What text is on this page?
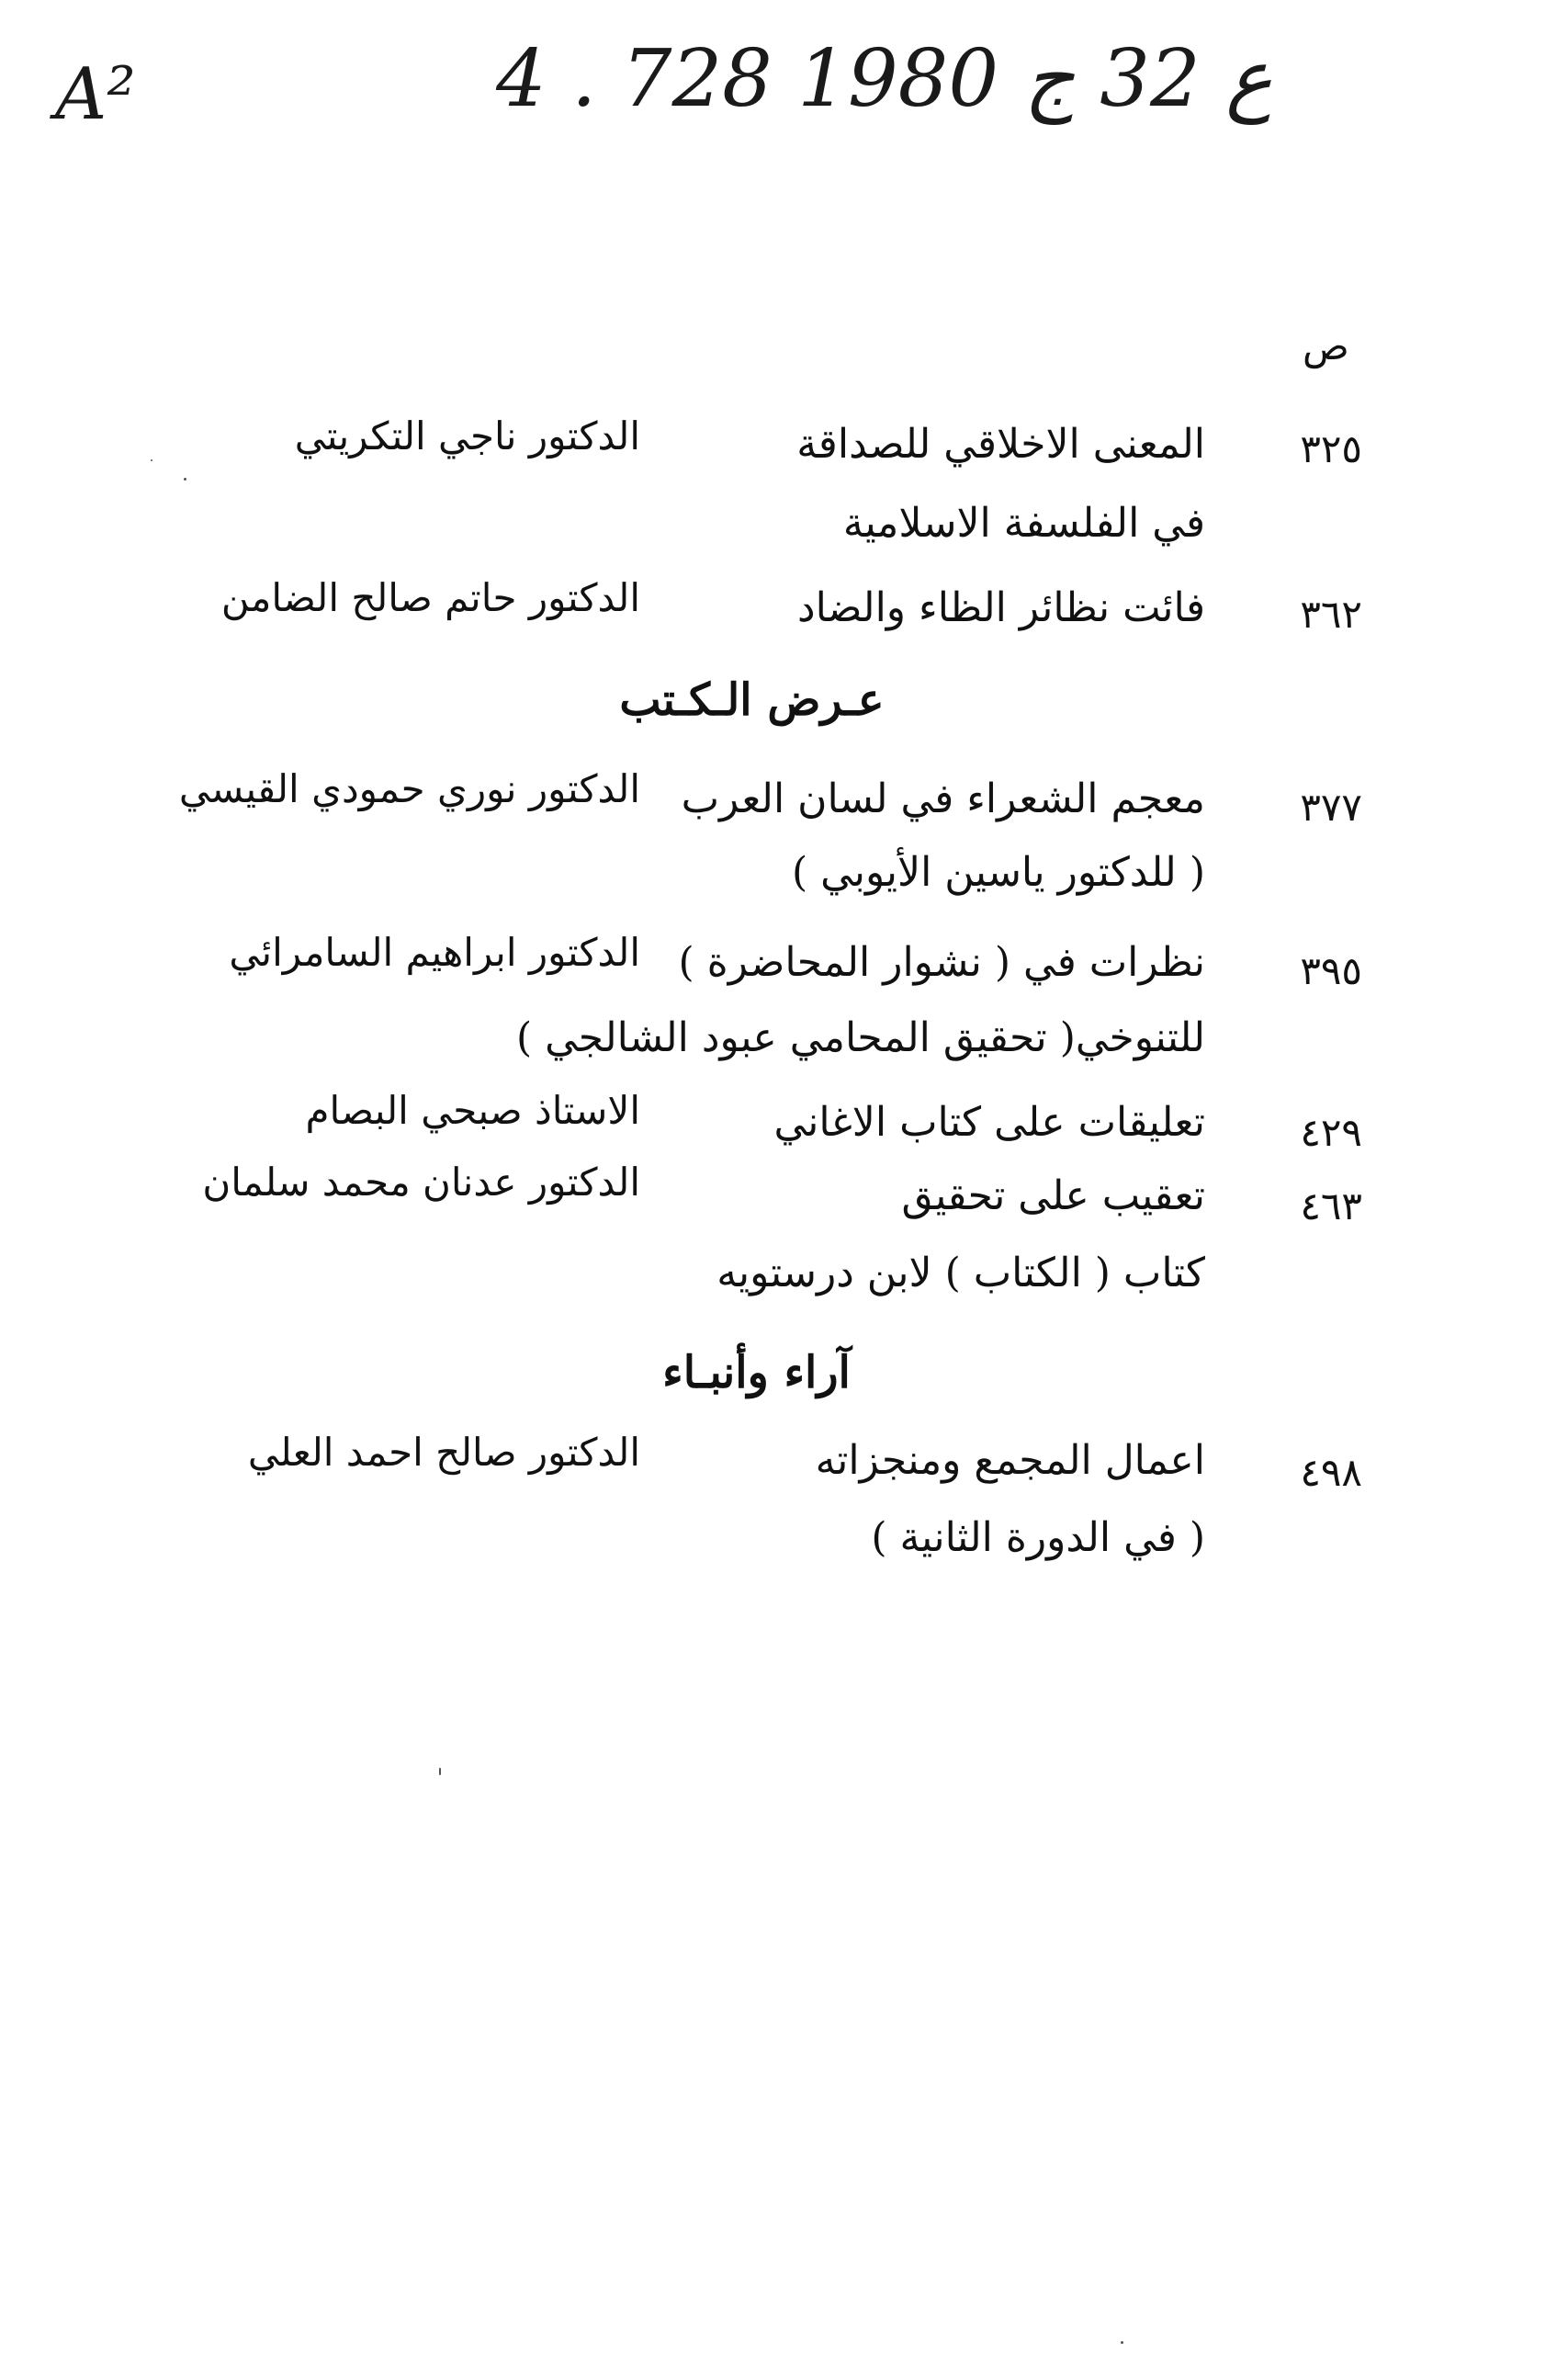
A²	4 . ع 32 ج 1980 728
ص
٣٢٥
المعنى الاخلاقي للصداقة
في الفلسفة الاسلامية
الدكتور ناجي التكريتي
٣٦٢
فائت نظائر الظاء والضاد
الدكتور حاتم صالح الضامن
عـرض الـكـتب
٣٧٧
معجم الشعراء في لسان العرب
( للدكتور ياسين الأيوبي )
الدكتور نوري حمودي القيسي
٣٩٥
نظرات في ( نشوار المحاضرة )
للتنوخي( تحقيق المحامي عبود الشالجي )
الدكتور ابراهيم السامرائي
٤٢٩
تعليقات على كتاب الاغاني
الاستاذ صبحي البصام
٤٦٣
تعقيب على تحقيق
كتاب ( الكتاب ) لابن درستويه
الدكتور عدنان محمد سلمان
آراء وأنبـاء
٤٩٨
اعمال المجمع ومنجزاته
( في الدورة الثانية )
الدكتور صالح احمد العلي
